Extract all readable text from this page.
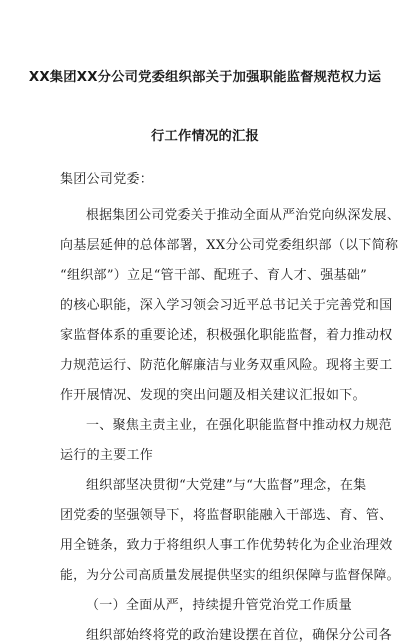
XX集团XX分公司党委组织部关于加强职能监督规范权力运
行工作情况的汇报
集团公司党委：
根据集团公司党委关于推动全面从严治党向纵深发展、
向基层延伸的总体部署，XX分公司党委组织部（以下简称
“组织部”）立足“管干部、配班子、育人才、强基础”
的核心职能，深入学习领会习近平总书记关于完善党和国
家监督体系的重要论述，积极强化职能监督，着力推动权
力规范运行、防范化解廉洁与业务双重风险。现将主要工
作开展情况、发现的突出问题及相关建议汇报如下。
一、聚焦主责主业，在强化职能监督中推动权力规范
运行的主要工作
组织部坚决贯彻“大党建”与“大监督”理念，在集
团党委的坚强领导下，将监督职能融入干部选、育、管、
用全链条，致力于将组织人事工作优势转化为企业治理效
能，为分公司高质量发展提供坚实的组织保障与监督保障。
（一）全面从严，持续提升管党治党工作质量
组织部始终将党的政治建设摆在首位，确保分公司各
